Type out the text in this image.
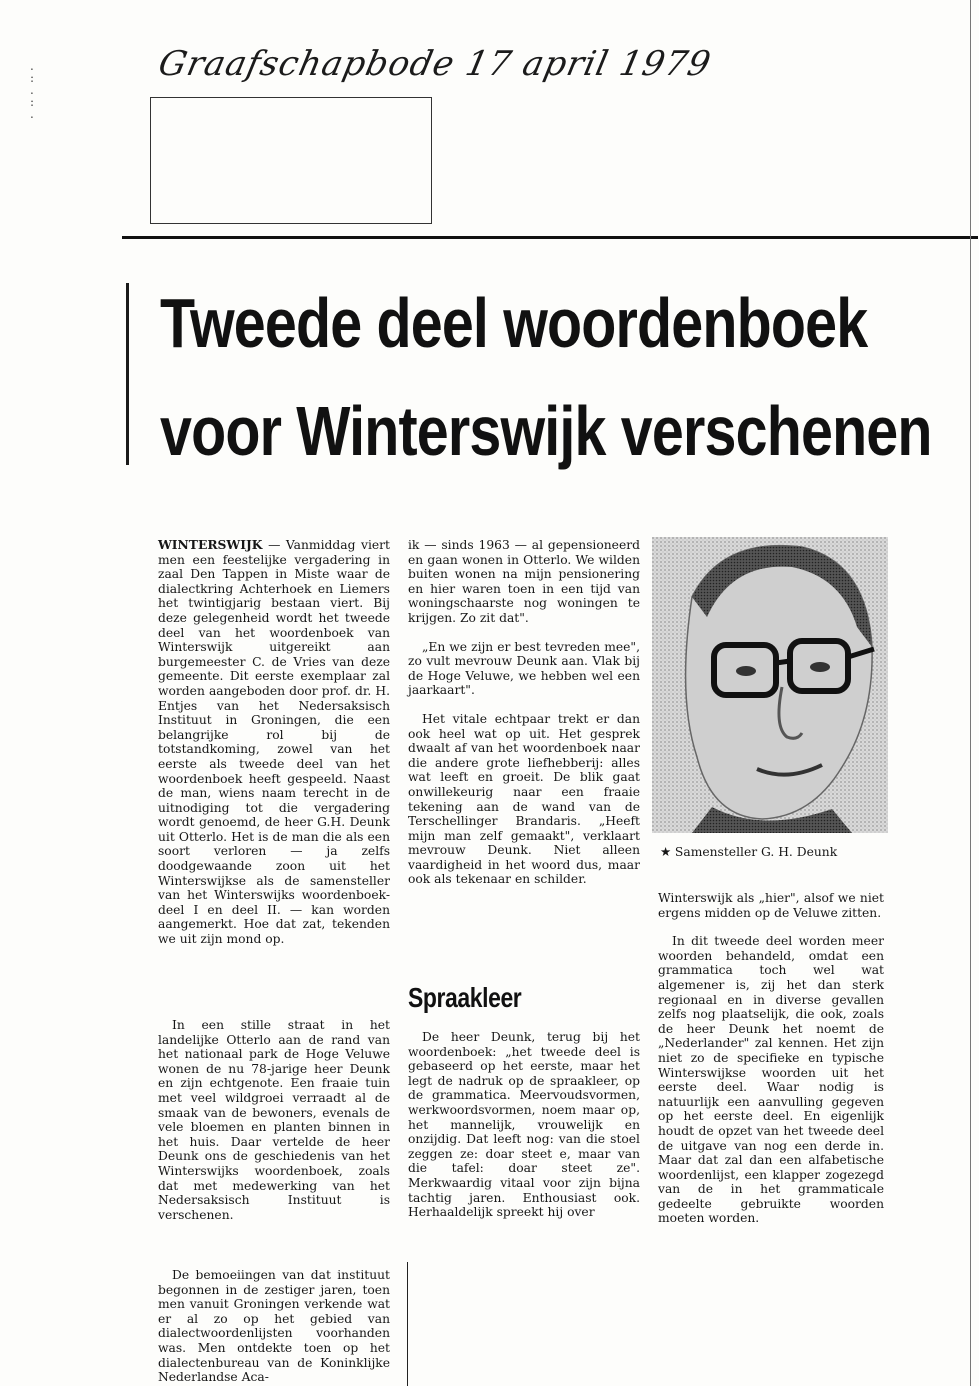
.
:
.
:
.
Graafschapbode 17 april 1979
Tweede deel woordenboek
voor Winterswijk verschenen

WINTERSWIJK — Vanmiddag viert men een feestelijke vergadering in zaal Den Tappen in Miste waar de dialectkring Achterhoek en Liemers het twintigjarig bestaan viert. Bij deze gelegenheid wordt het tweede deel van het woordenboek van Winterswijk uitgereikt aan burgemeester C. de Vries van deze gemeente. Dit eerste exemplaar zal worden aangeboden door prof. dr. H. Entjes van het Nedersaksisch Instituut in Groningen, die een belangrijke rol bij de totstandkoming, zowel van het eerste als tweede deel van het woordenboek heeft gespeeld. Naast de man, wiens naam terecht in de uitnodiging tot die vergadering wordt genoemd, de heer G.H. Deunk uit Otterlo. Het is de man die als een soort verloren — ja zelfs doodgewaande zoon uit het Winterswijkse als de samensteller van het Winterswijks woordenboek-deel I en deel II. — kan worden aangemerkt. Hoe dat zat, tekenden we uit zijn mond op.

In een stille straat in het landelijke Otterlo aan de rand van het nationaal park de Hoge Veluwe wonen de nu 78-jarige heer Deunk en zijn echtgenote. Een fraaie tuin met veel wildgroei verraadt al de smaak van de bewoners, evenals de vele bloemen en planten binnen in het huis. Daar vertelde de heer Deunk ons de geschiedenis van het Winterswijks woordenboek, zoals dat met medewerking van het Nedersaksisch Instituut is verschenen.

De bemoeiingen van dat instituut begonnen in de zestiger jaren, toen men vanuit Groningen verkende wat er al zo op het gebied van dialectwoordenlijsten voorhanden was. Men ontdekte toen op het dialectenbureau van de Koninklijke Nederlandse Aca-

ik — sinds 1963 — al gepensioneerd en gaan wonen in Otterlo. We wilden buiten wonen na mijn pensionering en hier waren toen in een tijd van woningschaarste nog woningen te krijgen. Zo zit dat".

„En we zijn er best tevreden mee", zo vult mevrouw Deunk aan. Vlak bij de Hoge Veluwe, we hebben wel een jaarkaart".

Het vitale echtpaar trekt er dan ook heel wat op uit. Het gesprek dwaalt af van het woordenboek naar die andere grote liefhebberij: alles wat leeft en groeit. De blik gaat onwillekeurig naar een fraaie tekening aan de wand van de Terschellinger Brandaris. „Heeft mijn man zelf gemaakt", verklaart mevrouw Deunk. Niet alleen vaardigheid in het woord dus, maar ook als tekenaar en schilder.

Spraakleer

De heer Deunk, terug bij het woordenboek: „het tweede deel is gebaseerd op het eerste, maar het legt de nadruk op de spraakleer, op de grammatica. Meervoudsvormen, werkwoordsvormen, noem maar op, het mannelijk, vrouwelijk en onzijdig. Dat leeft nog: van die stoel zeggen ze: doar steet e, maar van die tafel: doar steet ze". Merkwaardig vitaal voor zijn bijna tachtig jaren. Enthousiast ook. Herhaaldelijk spreekt hij over

★ Samensteller G. H. Deunk

Winterswijk als „hier", alsof we niet ergens midden op de Veluwe zitten.

In dit tweede deel worden meer woorden behandeld, omdat een grammatica toch wel wat algemener is, zij het dan sterk regionaal en in diverse gevallen zelfs nog plaatselijk, die ook, zoals de heer Deunk het noemt de „Nederlander" zal kennen. Het zijn niet zo de specifieke en typische Winterswijkse woorden uit het eerste deel. Waar nodig is natuurlijk een aanvulling gegeven op het eerste deel. En eigenlijk houdt de opzet van het tweede deel de uitgave van nog een derde in. Maar dat zal dan een alfabetische woordenlijst, een klapper zogezegd van de in het grammaticale gedeelte gebruikte woorden moeten worden.
